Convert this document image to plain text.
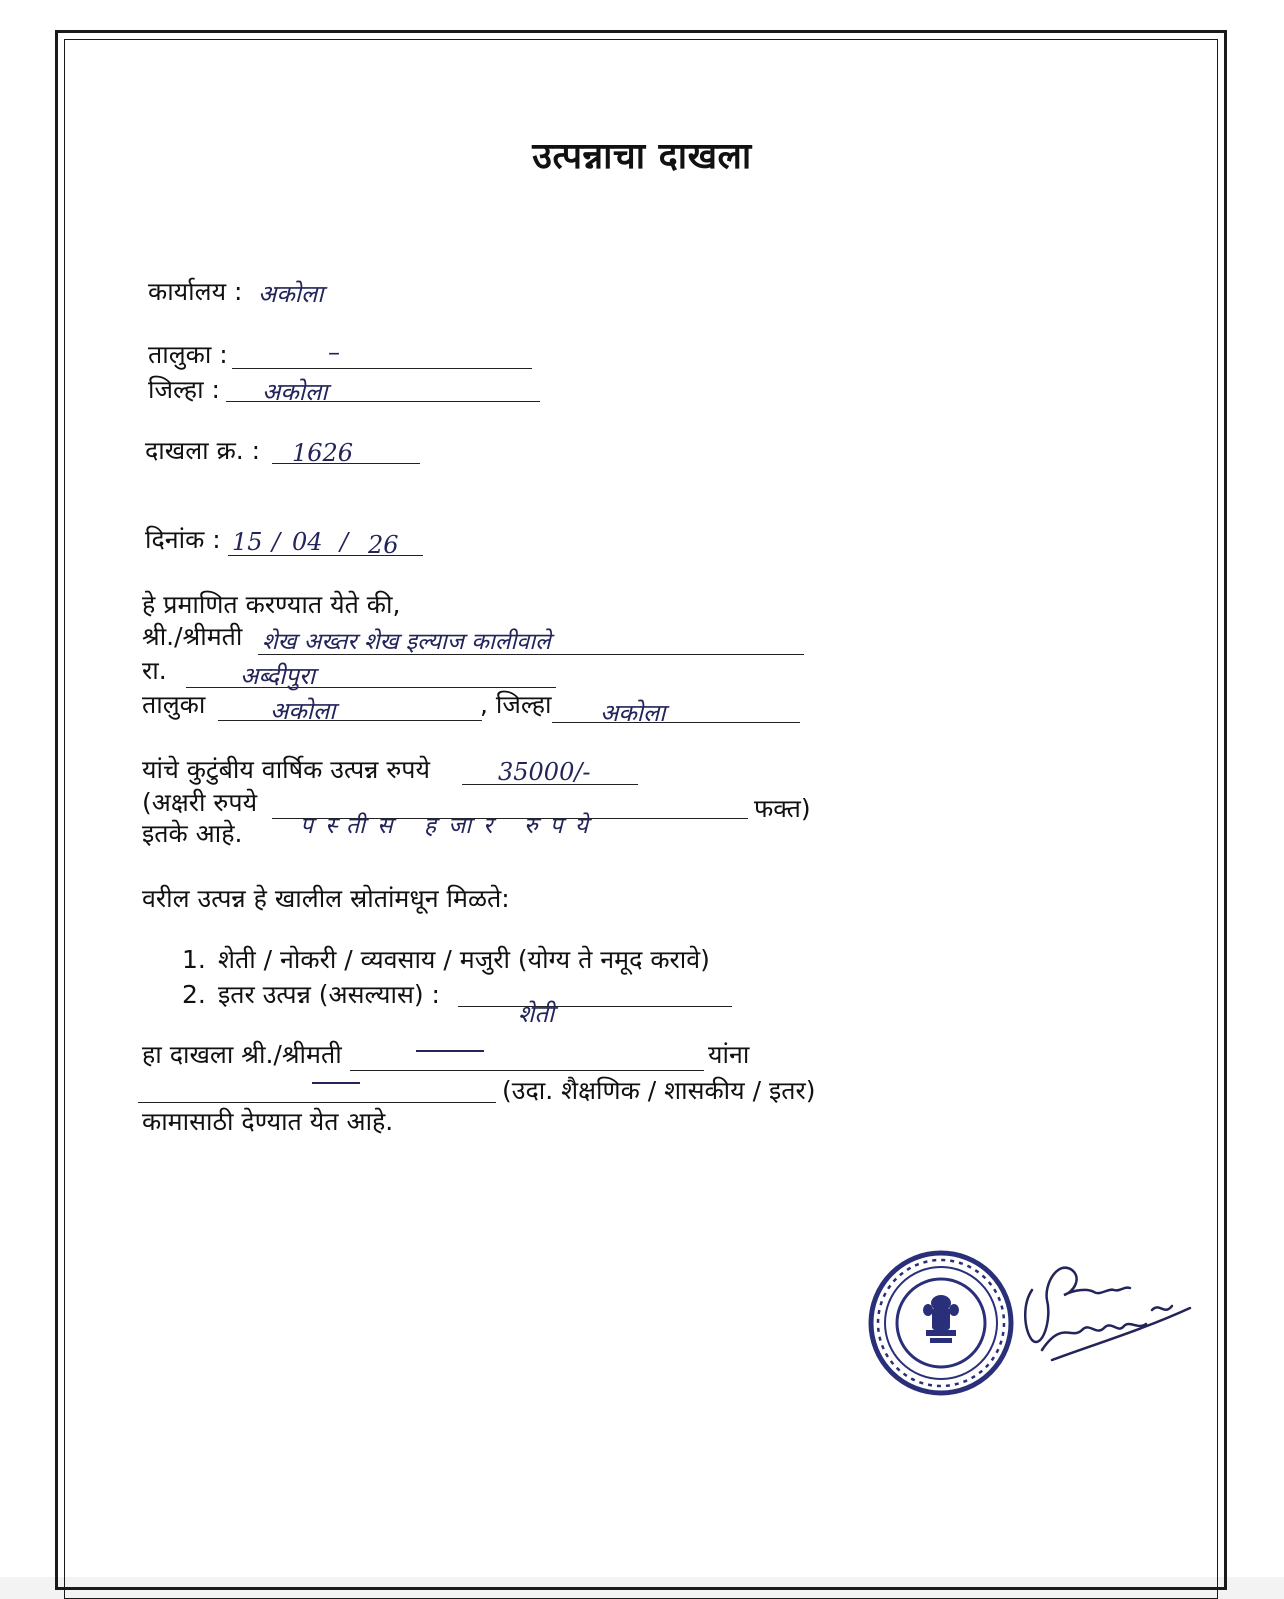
उत्पन्नाचा दाखला
कार्यालय : अकोला
तालुका :	–
जिल्हा : अकोला
दाखला क्र. : 1626
दिनांक : 15 / 04 / 26
हे प्रमाणित करण्यात येते की,
श्री./श्रीमती शेख अख्तर शेख इल्याज कालीवाले
रा.	अब्दीपुरा
तालुका	अकोला	, जिल्हा अकोला
यांचे कुटुंबीय वार्षिक उत्पन्न रुपये	35000/-
(अक्षरी रुपये
पस्तीस हजार रुपये
फक्त)
इतके आहे.
वरील उत्पन्न हे खालील स्रोतांमधून मिळते:
1. शेती / नोकरी / व्यवसाय / मजुरी (योग्य ते नमूद करावे)
2. इतर उत्पन्न (असल्यास) :
शेती
हा दाखला श्री./श्रीमती	यांना
(उदा. शैक्षणिक / शासकीय / इतर)
कामासाठी देण्यात येत आहे.
